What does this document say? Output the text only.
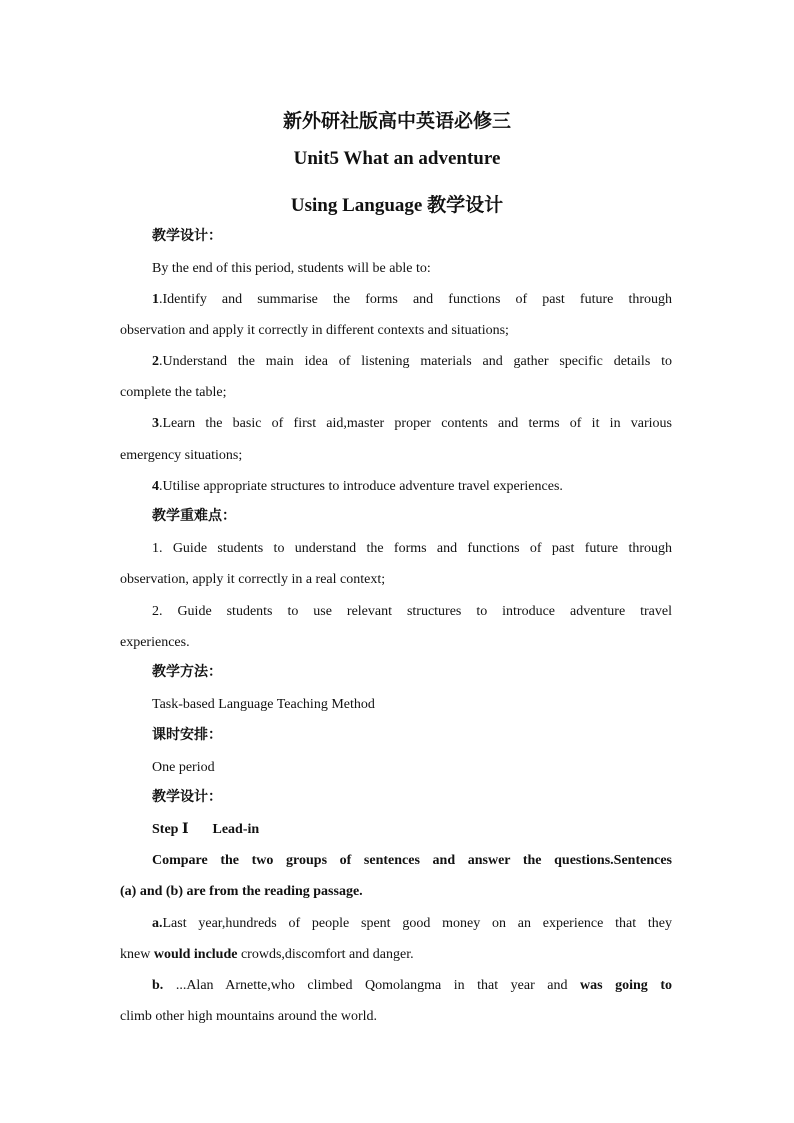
新外研社版高中英语必修三
Unit5 What an adventure
Using Language 教学设计
教学设计：
By the end of this period, students will be able to:
1.Identify and summarise the forms and functions of past future through
observation and apply it correctly in different contexts and situations;
2.Understand the main idea of listening materials and gather specific details to
complete the table;
3.Learn the basic of first aid,master proper contents and terms of it in various
emergency situations;
4.Utilise appropriate structures to introduce adventure travel experiences.
教学重难点：
1. Guide students to understand the forms and functions of past future through
observation, apply it correctly in a real context;
2. Guide students to use relevant structures to introduce adventure travel
experiences.
教学方法：
Task-based Language Teaching Method
课时安排：
One period
教学设计：
Step Ⅰ Lead-in
Compare the two groups of sentences and answer the questions.Sentences
(a) and (b) are from the reading passage.
a.Last year,hundreds of people spent good money on an experience that they
knew would include crowds,discomfort and danger.
b. ...Alan Arnette,who climbed Qomolangma in that year and was going to
climb other high mountains around the world.
